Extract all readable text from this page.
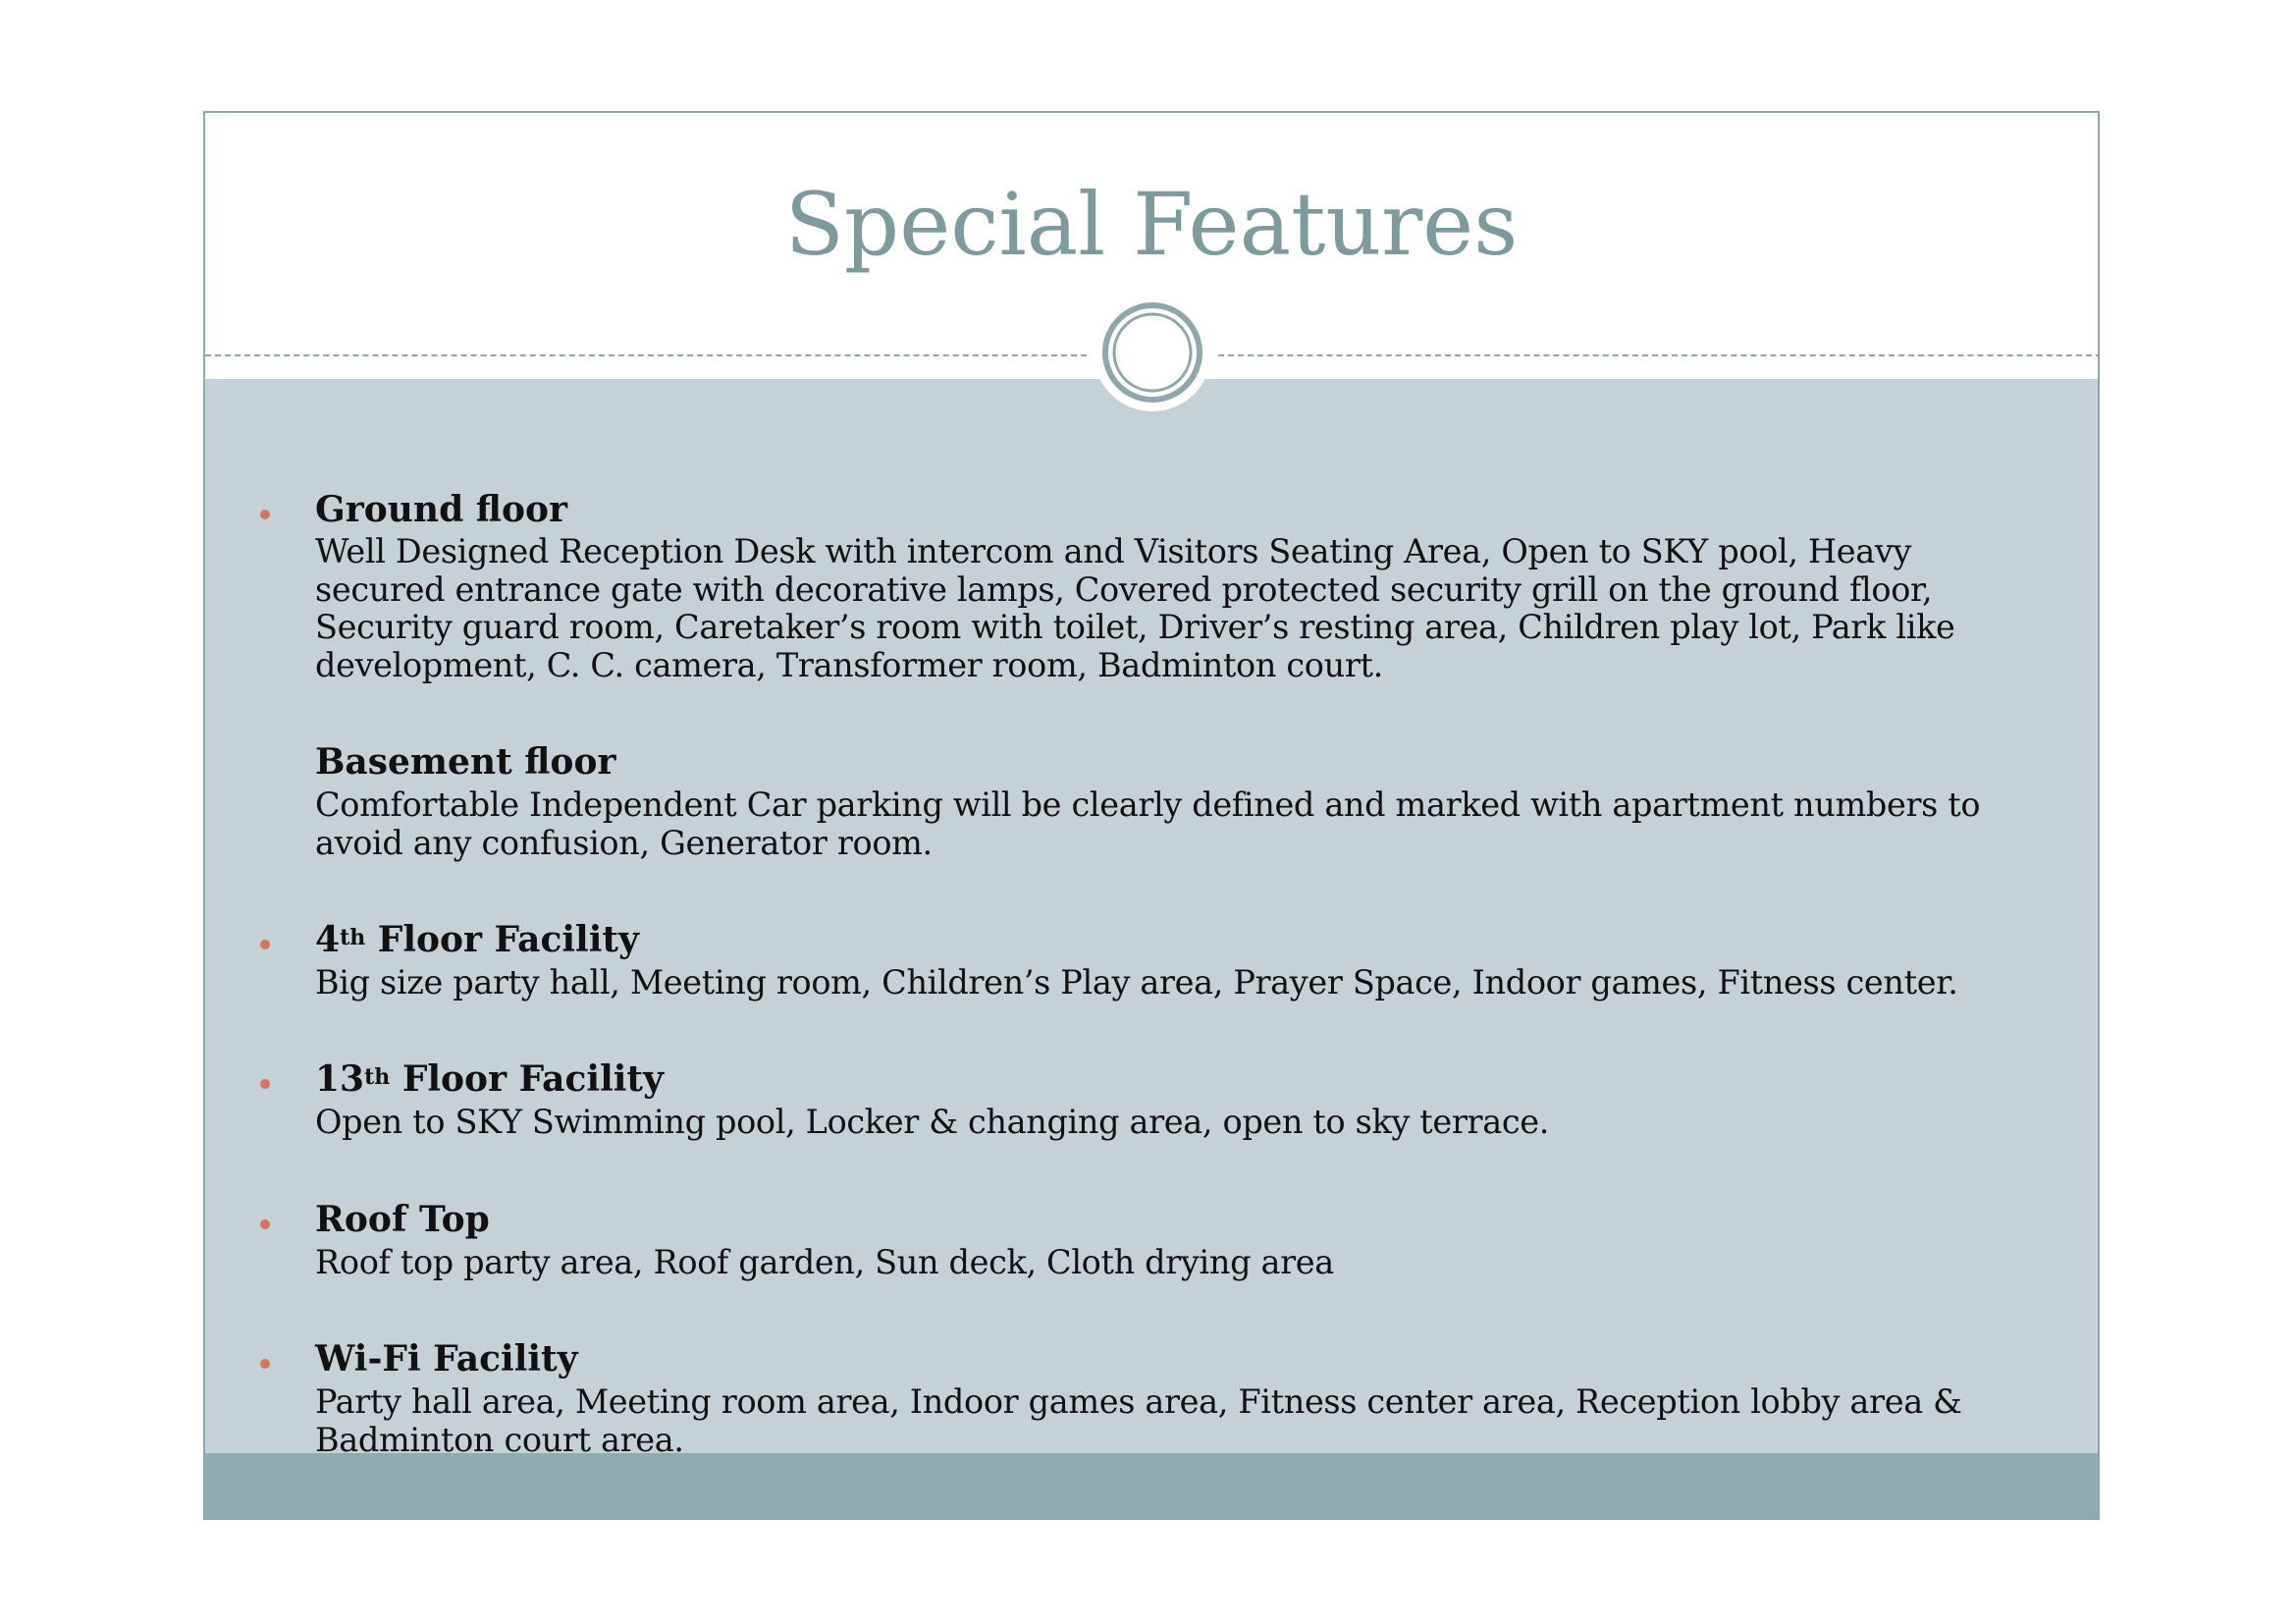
Special Features
Ground floor
Well Designed Reception Desk with intercom and Visitors Seating Area, Open to SKY pool, Heavy secured entrance gate with decorative lamps, Covered protected security grill on the ground floor, Security guard room, Caretaker’s room with toilet, Driver’s resting area, Children play lot, Park like development, C. C. camera, Transformer room, Badminton court.
Basement floor
Comfortable Independent Car parking will be clearly defined and marked with apartment numbers to avoid any confusion, Generator room.
4th Floor Facility
Big size party hall, Meeting room, Children’s Play area, Prayer Space, Indoor games, Fitness center.
13th Floor Facility
Open to SKY Swimming pool, Locker & changing area, open to sky terrace.
Roof Top
Roof top party area, Roof garden, Sun deck, Cloth drying area
Wi-Fi Facility
Party hall area, Meeting room area, Indoor games area, Fitness center area, Reception lobby area & Badminton court area.
